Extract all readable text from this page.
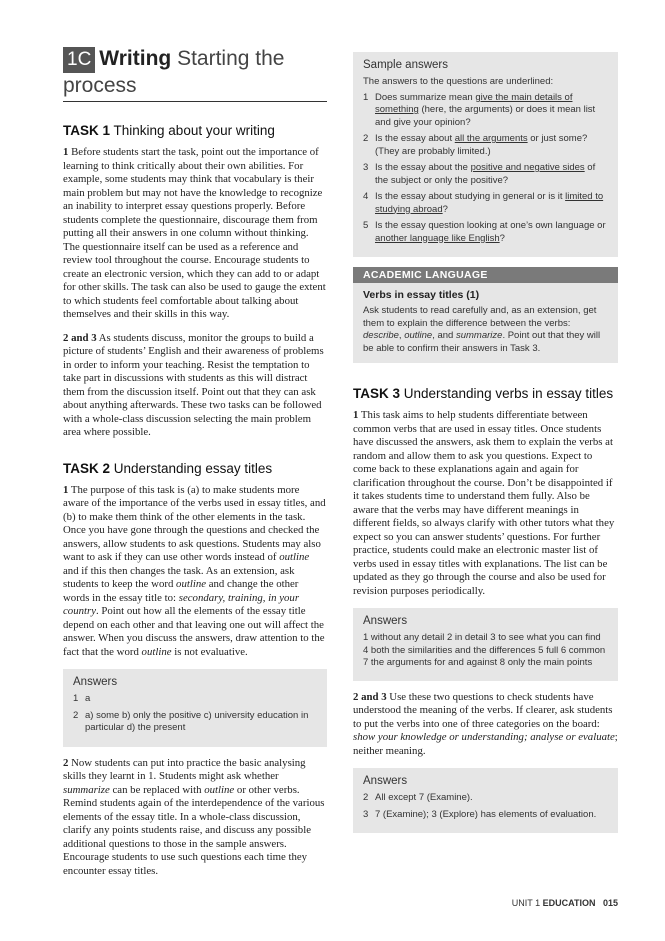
1C Writing Starting the process
TASK 1 Thinking about your writing

1 Before students start the task, point out the importance of learning to think critically about their own abilities. For example, some students may think that vocabulary is their main problem but may not have the knowledge to recognize an inability to interpret essay questions properly. Before students complete the questionnaire, discourage them from putting all their answers in one column without thinking. The questionnaire itself can be used as a reference and review tool throughout the course. Encourage students to create an electronic version, which they can add to or adapt for other skills. The task can also be used to gauge the extent to which students feel comfortable about talking about themselves and their skills in this way.

2 and 3 As students discuss, monitor the groups to build a picture of students’ English and their awareness of problems in order to inform your teaching. Resist the temptation to take part in discussions with students as this will distract them from the discussion itself. Point out that they can ask about anything afterwards. These two tasks can be followed with a whole-class discussion selecting the main problem area where possible.

TASK 2 Understanding essay titles

1 The purpose of this task is (a) to make students more aware of the importance of the verbs used in essay titles, and (b) to make them think of the other elements in the task. Once you have gone through the questions and checked the answers, allow students to ask questions. Students may also want to ask if they can use other words instead of outline and if this then changes the task. As an extension, ask students to keep the word outline and change the other words in the essay title to: secondary, training, in your country. Point out how all the elements of the essay title depend on each other and that leaving one out will affect the answer. When you discuss the answers, draw attention to the fact that the word outline is not evaluative.

Answers
1 a
2 a) some b) only the positive c) university education in particular d) the present

2 Now students can put into practice the basic analysing skills they learnt in 1. Students might ask whether summarize can be replaced with outline or other verbs. Remind students again of the interdependence of the various elements of the essay title. In a whole-class discussion, clarify any points students raise, and discuss any possible additional questions to those in the sample answers. Encourage students to use such questions each time they encounter essay titles.

Sample answers
The answers to the questions are underlined:
1 Does summarize mean give the main details of something (here, the arguments) or does it mean list and give your opinion?
2 Is the essay about all the arguments or just some? (They are probably limited.)
3 Is the essay about the positive and negative sides of the subject or only the positive?
4 Is the essay about studying in general or is it limited to studying abroad?
5 Is the essay question looking at one’s own language or another language like English?
ACADEMIC LANGUAGE
Verbs in essay titles (1)

Ask students to read carefully and, as an extension, get them to explain the difference between the verbs: describe, outline, and summarize. Point out that they will be able to confirm their answers in Task 3.

TASK 3 Understanding verbs in essay titles

1 This task aims to help students differentiate between common verbs that are used in essay titles. Once students have discussed the answers, ask them to explain the verbs at random and allow them to ask you questions. Expect to come back to these explanations again and again for clarification throughout the course. Don’t be disappointed if it takes students time to understand them fully. Also be aware that the verbs may have different meanings in different fields, so always clarify with other tutors what they expect so you can answer students’ questions. For further practice, students could make an electronic master list of verbs used in essay titles with explanations. The list can be updated as they go through the course and also be used for revision purposes periodically.

Answers
1 without any detail 2 in detail 3 to see what you can find 4 both the similarities and the differences 5 full 6 common 7 the arguments for and against 8 only the main points

2 and 3 Use these two questions to check students have understood the meaning of the verbs. If clearer, ask students to put the verbs into one of three categories on the board: show your knowledge or understanding; analyse or evaluate; neither meaning.

Answers
2 All except 7 (Examine).
3 7 (Examine); 3 (Explore) has elements of evaluation.
UNIT 1 EDUCATION 015
